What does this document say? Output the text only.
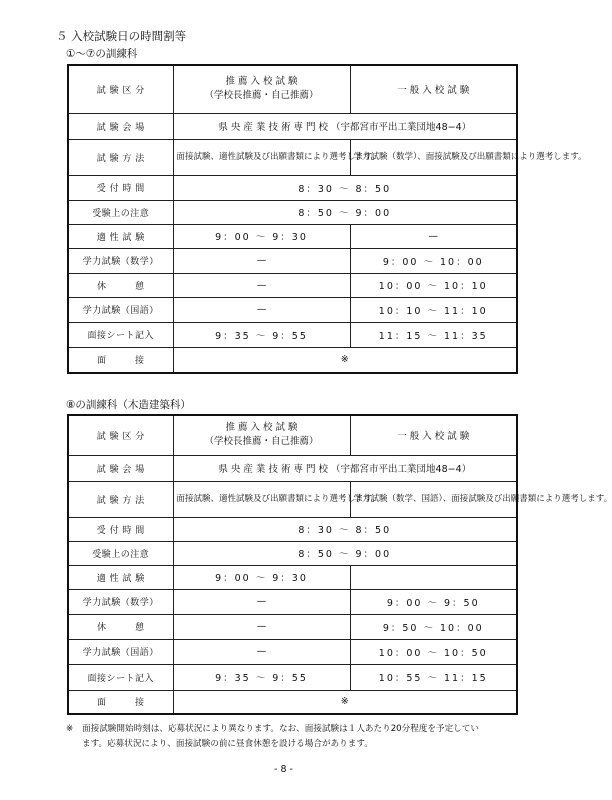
５ 入校試験日の時間割等
①～⑦の訓練科
試 験 区 分	推 薦 入 校 試 験
（学校長推薦・自己推薦）	一 般 入 校 試 験
試 験 会 場	県 央 産 業 技 術 専 門 校 （宇都宮市平出工業団地48−4）	
試 験 方 法	面接試験、適性試験及び出願書類により選考します。	学力試験（数学）、面接試験及び出願書類により選考します。
受 付 時 間	8：30 ～ 8：50	
受験上の注意	8：50 ～ 9：00	
適 性 試 験	9：00 ～ 9：30	—
学力試験（数学）	—	9：00 ～ 10：00
休　　　憩	—	10：00 ～ 10：10
学力試験（国語）	—	10：10 ～ 11：10
面接シート記入	9：35 ～ 9：55	11：15 ～ 11：35
面　　　接	※	
⑧の訓練科（木造建築科）
試 験 区 分	推 薦 入 校 試 験
（学校長推薦・自己推薦）	一 般 入 校 試 験
試 験 会 場	県 央 産 業 技 術 専 門 校 （宇都宮市平出工業団地48−4）	
試 験 方 法	面接試験、適性試験及び出願書類により選考します。	学力試験（数学、国語）、面接試験及び出願書類により選考します。
受 付 時 間	8：30 ～ 8：50	
受験上の注意	8：50 ～ 9：00	
適 性 試 験	9：00 ～ 9：30	
学力試験（数学）	—	9：00 ～ 9：50
休　　　憩	—	9：50 ～ 10：00
学力試験（国語）	—	10：00 ～ 10：50
面接シート記入	9：35 ～ 9：55	10：55 ～ 11：15
面　　　接	※	
※ 面接試験開始時刻は、応募状況により異なります。なお、面接試験は１人あたり20分程度を予定してい
ます。応募状況により、面接試験の前に昼食休憩を設ける場合があります。
- 8 -
